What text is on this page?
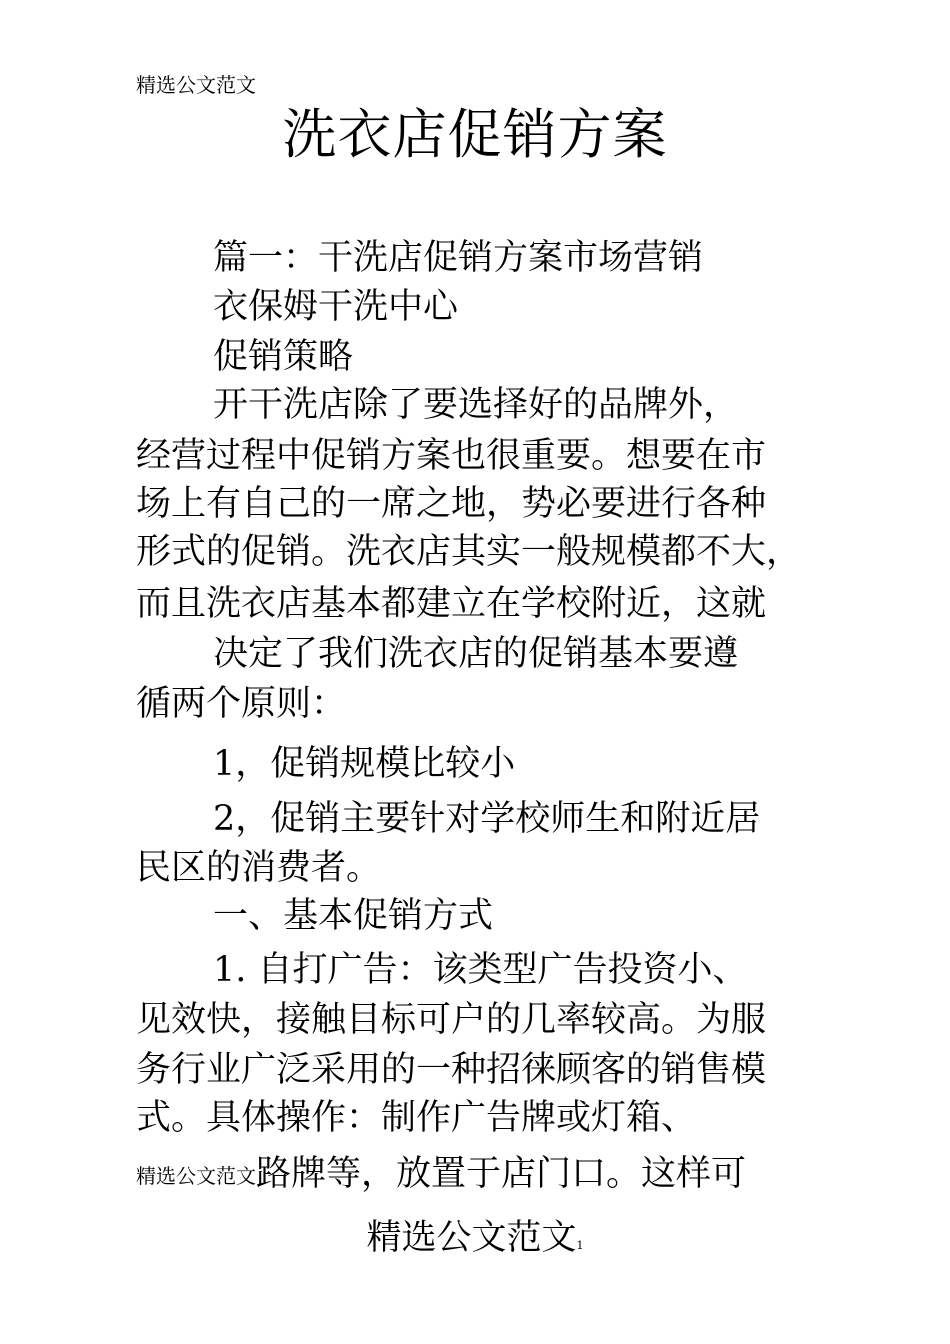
精选公文范文
洗衣店促销方案
篇一：干洗店促销方案市场营销
衣保姆干洗中心
促销策略
开干洗店除了要选择好的品牌外，
经营过程中促销方案也很重要。想要在市
场上有自己的一席之地，势必要进行各种
形式的促销。洗衣店其实一般规模都不大，
而且洗衣店基本都建立在学校附近，这就
决定了我们洗衣店的促销基本要遵
循两个原则：
1，促销规模比较小
2，促销主要针对学校师生和附近居
民区的消费者。
一、基本促销方式
1. 自打广告：该类型广告投资小、
见效快，接触目标可户的几率较高。为服
务行业广泛采用的一种招徕顾客的销售模
式。具体操作：制作广告牌或灯箱、
精选公文范文路牌等，放置于店门口。这样可
精选公文范文1
